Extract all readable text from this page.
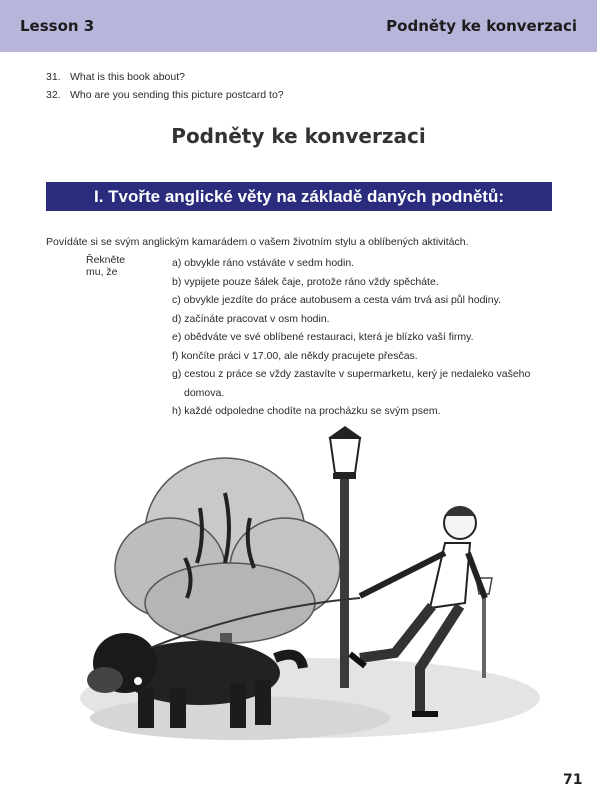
Lesson 3	Podněty ke konverzaci
31. What is this book about?
32. Who are you sending this picture postcard to?
Podněty ke konverzaci
I. Tvořte anglické věty na základě daných podnětů:
Povídáte si se svým anglickým kamarádem o vašem životním stylu a oblíbených aktivitách.
Řekněte mu, že
a) obvykle ráno vstáváte v sedm hodin.
b) vypijete pouze šálek čaje, protože ráno vždy spěcháte.
c) obvykle jezdíte do práce autobusem a cesta vám trvá asi půl hodiny.
d) začínáte pracovat v osm hodin.
e) obědváte ve své oblíbené restauraci, která je blízko vaší firmy.
f) končíte práci v 17.00, ale někdy pracujete přesčas.
g) cestou z práce se vždy zastavíte v supermarketu, kerý je nedaleko vašeho domova.
h) každé odpoledne chodíte na procházku se svým psem.
71
